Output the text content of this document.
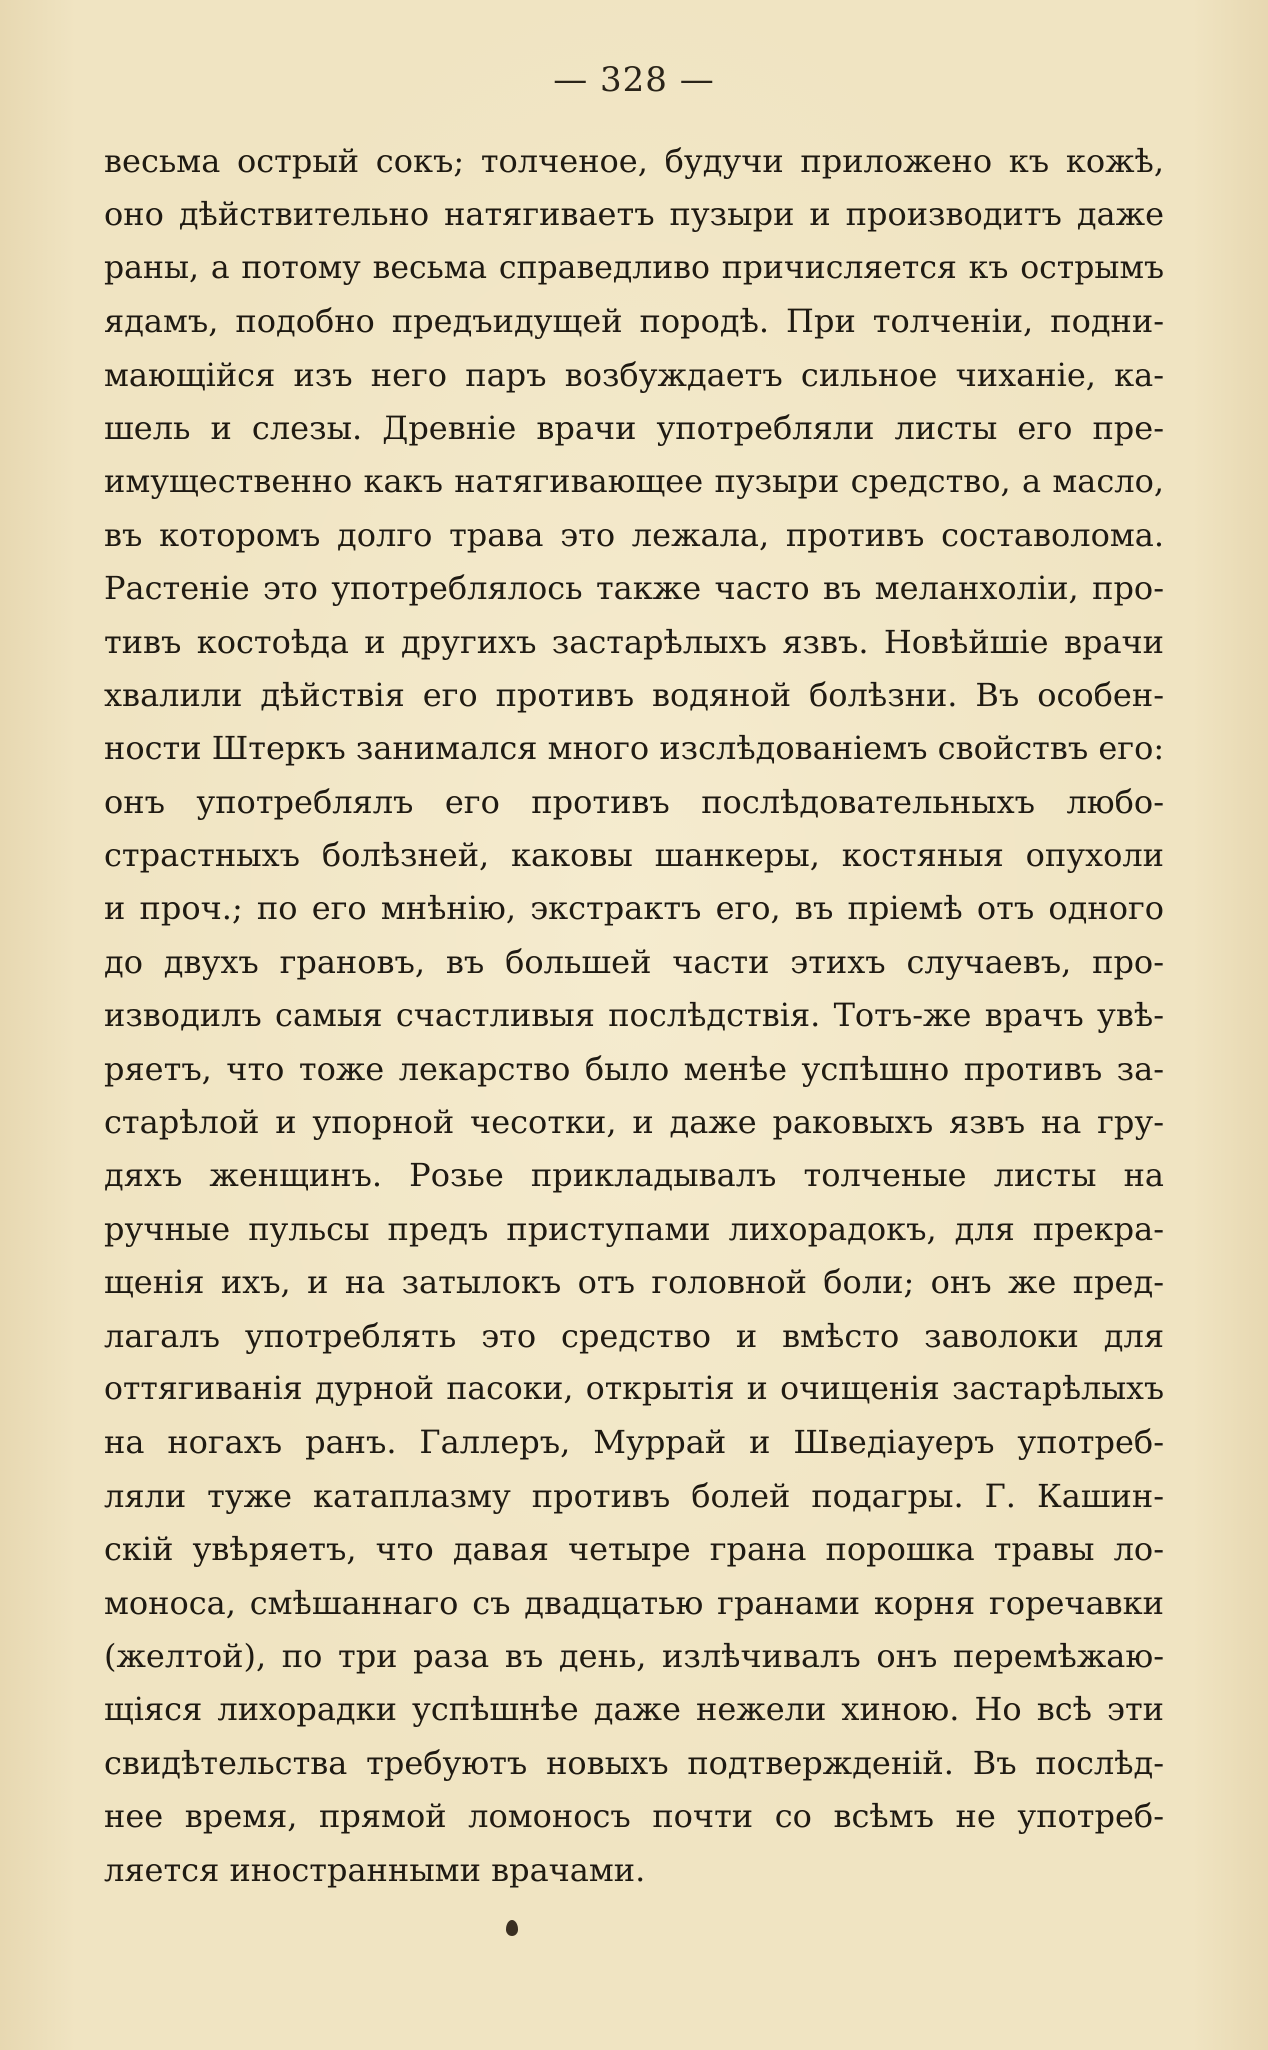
— 328 —
весьма острый сокъ; толченое, будучи приложено къ кожѣ,
оно дѣйствительно натягиваетъ пузыри и производитъ даже
раны, а потому весьма справедливо причисляется къ острымъ
ядамъ, подобно предъидущей породѣ. При толченіи, подни-
мающійся изъ него паръ возбуждаетъ сильное чиханіе, ка-
шель и слезы. Древніе врачи употребляли листы его пре-
имущественно какъ натягивающее пузыри средство, а масло,
въ которомъ долго трава это лежала, противъ составолома.
Растеніе это употреблялось также часто въ меланхоліи, про-
тивъ костоѣда и другихъ застарѣлыхъ язвъ. Новѣйшіе врачи
хвалили дѣйствія его противъ водяной болѣзни. Въ особен-
ности Штеркъ занимался много изслѣдованіемъ свойствъ его:
онъ употреблялъ его противъ послѣдовательныхъ любо-
страстныхъ болѣзней, каковы шанкеры, костяныя опухоли
и проч.; по его мнѣнію, экстрактъ его, въ пріемѣ отъ одного
до двухъ грановъ, въ большей части этихъ случаевъ, про-
изводилъ самыя счастливыя послѣдствія. Тотъ-же врачъ увѣ-
ряетъ, что тоже лекарство было менѣе успѣшно противъ за-
старѣлой и упорной чесотки, и даже раковыхъ язвъ на гру-
дяхъ женщинъ. Розье прикладывалъ толченые листы на
ручные пульсы предъ приступами лихорадокъ, для прекра-
щенія ихъ, и на затылокъ отъ головной боли; онъ же пред-
лагалъ употреблять это средство и вмѣсто заволоки для
оттягиванія дурной пасоки, открытія и очищенія застарѣлыхъ
на ногахъ ранъ. Галлеръ, Муррай и Шведіауеръ употреб-
ляли туже катаплазму противъ болей подагры. Г. Кашин-
скій увѣряетъ, что давая четыре грана порошка травы ло-
моноса, смѣшаннаго съ двадцатью гранами корня горечавки
(желтой), по три раза въ день, излѣчивалъ онъ перемѣжаю-
щіяся лихорадки успѣшнѣе даже нежели хиною. Но всѣ эти
свидѣтельства требуютъ новыхъ подтвержденій. Въ послѣд-
нее время, прямой ломоносъ почти со всѣмъ не употреб-
ляется иностранными врачами.
